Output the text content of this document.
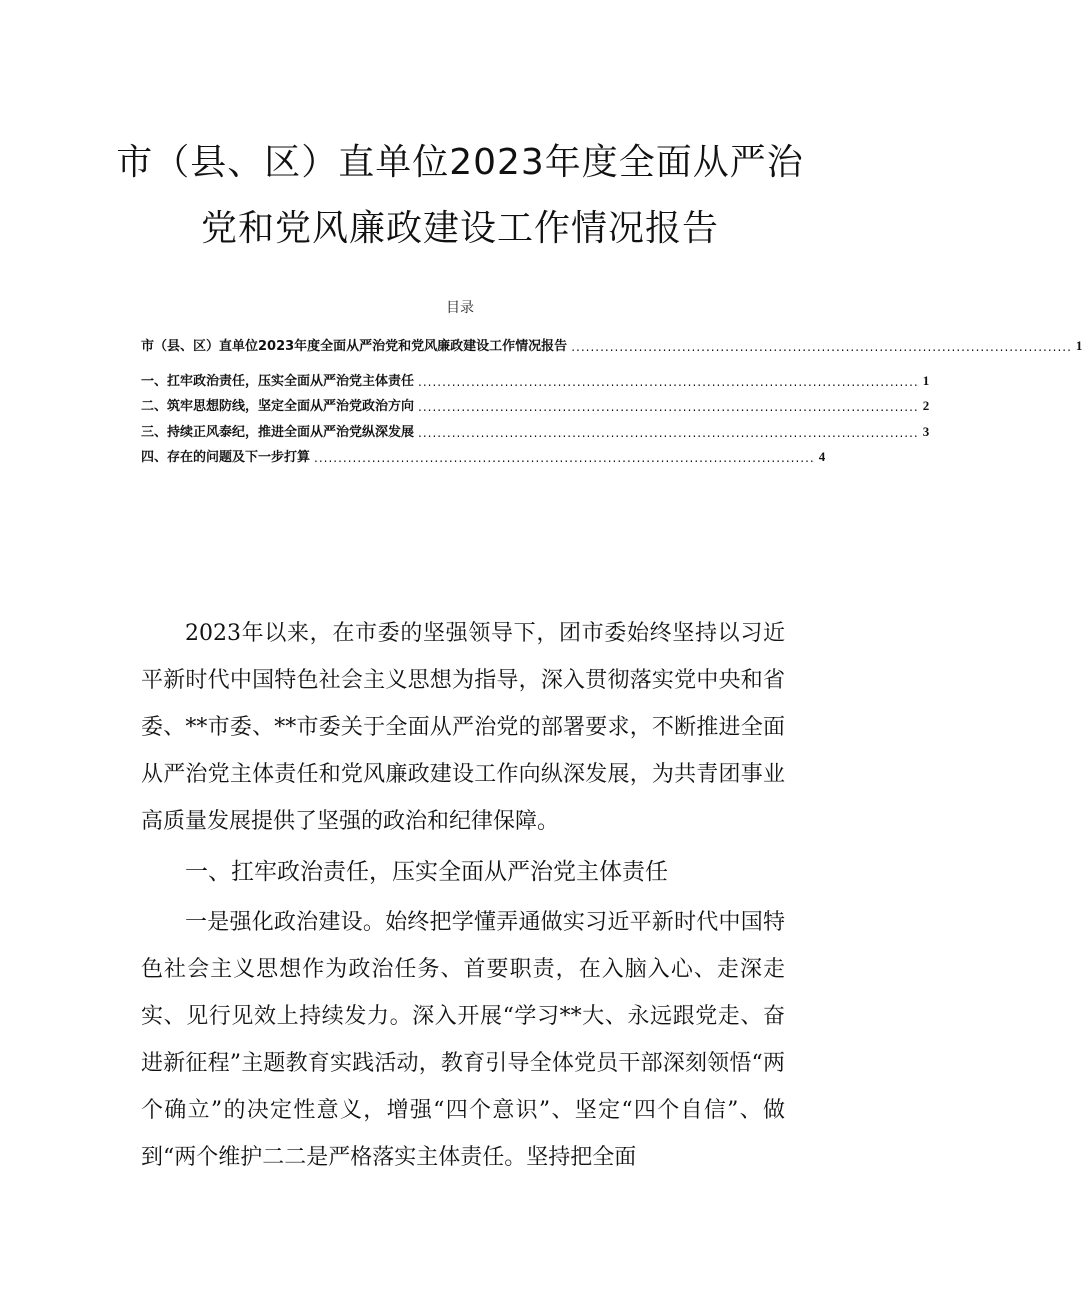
市（县、区）直单位2023年度全面从严治
党和党风廉政建设工作情况报告
目录
市（县、区）直单位2023年度全面从严治党和党风廉政建设工作情况报告 ........................................................................................................ 1
一、扛牢政治责任，压实全面从严治党主体责任 ........................................................................................................ 1
二、筑牢思想防线，坚定全面从严治党政治方向 ........................................................................................................ 2
三、持续正风泰纪，推进全面从严治党纵深发展 ........................................................................................................ 3
四、存在的问题及下一步打算 ........................................................................................................ 4

2023年以来，在市委的坚强领导下，团市委始终坚持以习近平新时代中国特色社会主义思想为指导，深入贯彻落实党中央和省委、**市委、**市委关于全面从严治党的部署要求，不断推进全面从严治党主体责任和党风廉政建设工作向纵深发展，为共青团事业高质量发展提供了坚强的政治和纪律保障。

一、扛牢政治责任，压实全面从严治党主体责任

一是强化政治建设。始终把学懂弄通做实习近平新时代中国特色社会主义思想作为政治任务、首要职责，在入脑入心、走深走实、见行见效上持续发力。深入开展“学习**大、永远跟党走、奋进新征程”主题教育实践活动，教育引导全体党员干部深刻领悟“两个确立”的决定性意义，增强“四个意识”、坚定“四个自信”、做到“两个维护二二是严格落实主体责任。坚持把全面
